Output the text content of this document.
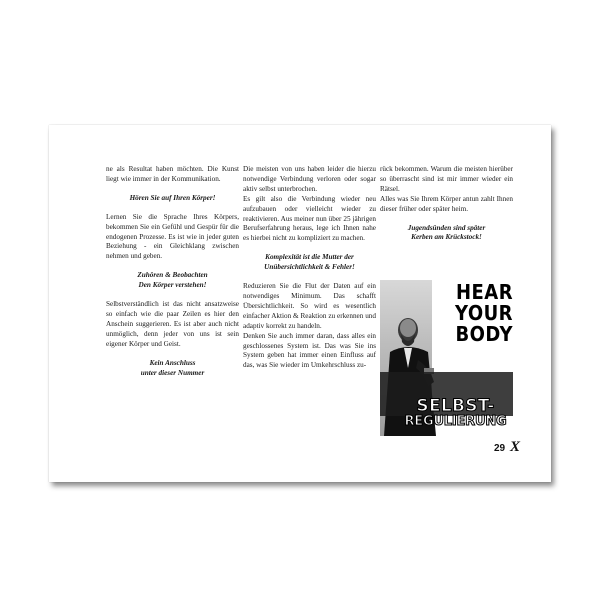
ne als Resultat haben möchten. Die Kunst liegt wie immer in der Kommunikation.

Hören Sie auf Ihren Körper!

Lernen Sie die Sprache Ihres Körpers, bekommen Sie ein Gefühl und Gespür für die endogenen Prozesse. Es ist wie in jeder guten Beziehung - ein Gleichklang zwischen nehmen und geben.

Zuhören & Beobachten
Den Körper verstehen!

Selbstverständlich ist das nicht ansatzweise so einfach wie die paar Zeilen es hier den Anschein suggerieren. Es ist aber auch nicht unmöglich, denn jeder von uns ist sein eigener Körper und Geist.

Kein Anschluss
unter dieser Nummer

Die meisten von uns haben leider die hierzu notwendige Verbindung verloren oder sogar aktiv selbst unterbrochen.

Es gilt also die Verbindung wieder neu aufzubauen oder vielleicht wieder zu reaktivieren. Aus meiner nun über 25 jährigen Berufserfahrung heraus, lege ich Ihnen nahe es hierbei nicht zu kompliziert zu machen.

Komplexität ist die Mutter der
Unübersichtlichkeit & Fehler!

Reduzieren Sie die Flut der Daten auf ein notwendiges Minimum. Das schafft Übersichtlichkeit. So wird es wesentlich einfacher Aktion & Reaktion zu erkennen und adaptiv korrekt zu handeln.

Denken Sie auch immer daran, dass alles ein geschlossenes System ist. Das was Sie ins System geben hat immer einen Einfluss auf das, was Sie wieder im Umkehrschluss zu-

rück bekommen. Warum die meisten hierüber so überrascht sind ist mir immer wieder ein Rätsel.

Alles was Sie Ihrem Körper antun zahlt Ihnen dieser früher oder später heim.

Jugendsünden sind später
Kerben am Krückstock!
HEAR
YOUR
BODY
SELBST-
REGULIERUNG
29 X
